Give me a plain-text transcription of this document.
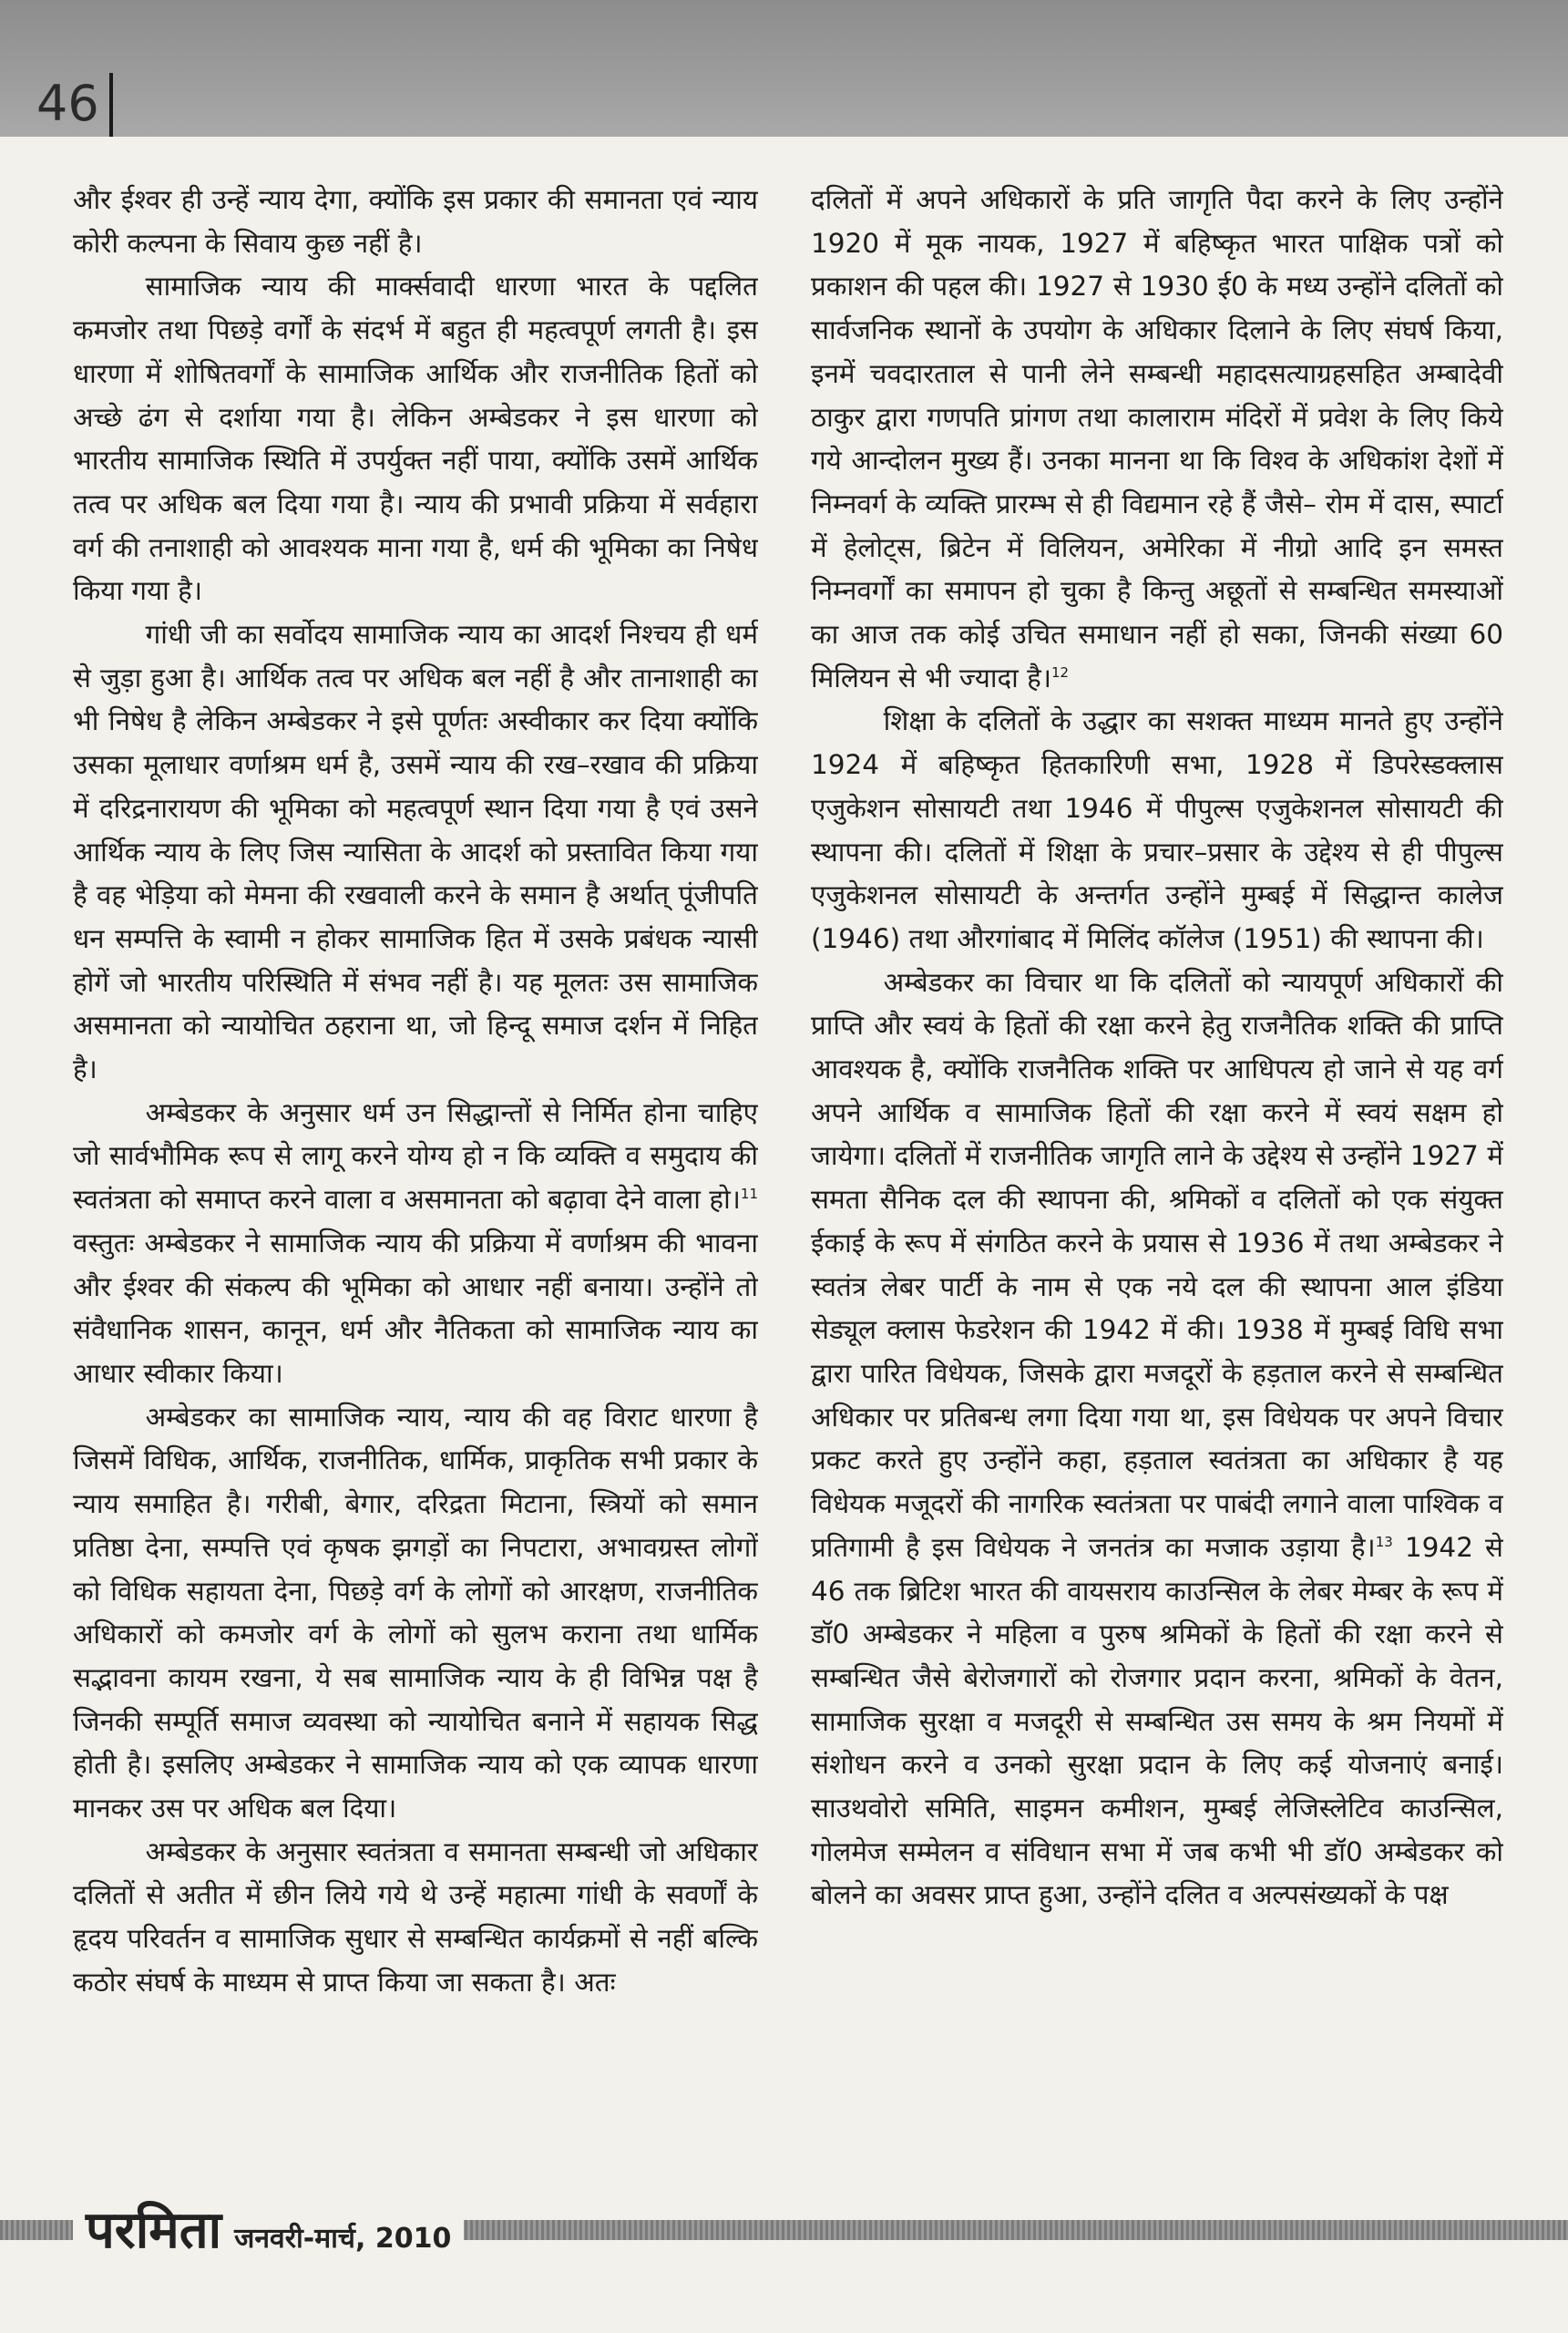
46

और ईश्वर ही उन्हें न्याय देगा, क्योंकि इस प्रकार की समानता एवं न्याय कोरी कल्पना के सिवाय कुछ नहीं है।

सामाजिक न्याय की मार्क्सवादी धारणा भारत के पद्दलित कमजोर तथा पिछड़े वर्गों के संदर्भ में बहुत ही महत्वपूर्ण लगती है। इस धारणा में शोषितवर्गों के सामाजिक आर्थिक और राजनीतिक हितों को अच्छे ढंग से दर्शाया गया है। लेकिन अम्बेडकर ने इस धारणा को भारतीय सामाजिक स्थिति में उपर्युक्त नहीं पाया, क्योंकि उसमें आर्थिक तत्व पर अधिक बल दिया गया है। न्याय की प्रभावी प्रक्रिया में सर्वहारा वर्ग की तनाशाही को आवश्यक माना गया है, धर्म की भूमिका का निषेध किया गया है।

गांधी जी का सर्वोदय सामाजिक न्याय का आदर्श निश्चय ही धर्म से जुड़ा हुआ है। आर्थिक तत्व पर अधिक बल नहीं है और तानाशाही का भी निषेध है लेकिन अम्बेडकर ने इसे पूर्णतः अस्वीकार कर दिया क्योंकि उसका मूलाधार वर्णाश्रम धर्म है, उसमें न्याय की रख–रखाव की प्रक्रिया में दरिद्रनारायण की भूमिका को महत्वपूर्ण स्थान दिया गया है एवं उसने आर्थिक न्याय के लिए जिस न्यासिता के आदर्श को प्रस्तावित किया गया है वह भेड़िया को मेमना की रखवाली करने के समान है अर्थात् पूंजीपति धन सम्पत्ति के स्वामी न होकर सामाजिक हित में उसके प्रबंधक न्यासी होगें जो भारतीय परिस्थिति में संभव नहीं है। यह मूलतः उस सामाजिक असमानता को न्यायोचित ठहराना था, जो हिन्दू समाज दर्शन में निहित है।

अम्बेडकर के अनुसार धर्म उन सिद्धान्तों से निर्मित होना चाहिए जो सार्वभौमिक रूप से लागू करने योग्य हो न कि व्यक्ति व समुदाय की स्वतंत्रता को समाप्त करने वाला व असमानता को बढ़ावा देने वाला हो।$^{11}$ वस्तुतः अम्बेडकर ने सामाजिक न्याय की प्रक्रिया में वर्णाश्रम की भावना और ईश्वर की संकल्प की भूमिका को आधार नहीं बनाया। उन्होंने तो संवैधानिक शासन, कानून, धर्म और नैतिकता को सामाजिक न्याय का आधार स्वीकार किया।

अम्बेडकर का सामाजिक न्याय, न्याय की वह विराट धारणा है जिसमें विधिक, आर्थिक, राजनीतिक, धार्मिक, प्राकृतिक सभी प्रकार के न्याय समाहित है। गरीबी, बेगार, दरिद्रता मिटाना, स्त्रियों को समान प्रतिष्ठा देना, सम्पत्ति एवं कृषक झगड़ों का निपटारा, अभावग्रस्त लोगों को विधिक सहायता देना, पिछड़े वर्ग के लोगों को आरक्षण, राजनीतिक अधिकारों को कमजोर वर्ग के लोगों को सुलभ कराना तथा धार्मिक सद्भावना कायम रखना, ये सब सामाजिक न्याय के ही विभिन्न पक्ष है जिनकी सम्पूर्ति समाज व्यवस्था को न्यायोचित बनाने में सहायक सिद्ध होती है। इसलिए अम्बेडकर ने सामाजिक न्याय को एक व्यापक धारणा मानकर उस पर अधिक बल दिया।

अम्बेडकर के अनुसार स्वतंत्रता व समानता सम्बन्धी जो अधिकार दलितों से अतीत में छीन लिये गये थे उन्हें महात्मा गांधी के सवर्णों के हृदय परिवर्तन व सामाजिक सुधार से सम्बन्धित कार्यक्रमों से नहीं बल्कि कठोर संघर्ष के माध्यम से प्राप्त किया जा सकता है। अतः

दलितों में अपने अधिकारों के प्रति जागृति पैदा करने के लिए उन्होंने 1920 में मूक नायक, 1927 में बहिष्कृत भारत पाक्षिक पत्रों को प्रकाशन की पहल की। 1927 से 1930 ई0 के मध्य उन्होंने दलितों को सार्वजनिक स्थानों के उपयोग के अधिकार दिलाने के लिए संघर्ष किया, इनमें चवदारताल से पानी लेने सम्बन्धी महादसत्याग्रहसहित अम्बादेवी ठाकुर द्वारा गणपति प्रांगण तथा कालाराम मंदिरों में प्रवेश के लिए किये गये आन्दोलन मुख्य हैं। उनका मानना था कि विश्व के अधिकांश देशों में निम्नवर्ग के व्यक्ति प्रारम्भ से ही विद्यमान रहे हैं जैसे– रोम में दास, स्पार्टा में हेलोट्स, ब्रिटेन में विलियन, अमेरिका में नीग्रो आदि इन समस्त निम्नवर्गों का समापन हो चुका है किन्तु अछूतों से सम्बन्धित समस्याओं का आज तक कोई उचित समाधान नहीं हो सका, जिनकी संख्या 60 मिलियन से भी ज्यादा है।$^{12}$

शिक्षा के दलितों के उद्धार का सशक्त माध्यम मानते हुए उन्होंने 1924 में बहिष्कृत हितकारिणी सभा, 1928 में डिपरेस्डक्लास एजुकेशन सोसायटी तथा 1946 में पीपुल्स एजुकेशनल सोसायटी की स्थापना की। दलितों में शिक्षा के प्रचार–प्रसार के उद्देश्य से ही पीपुल्स एजुकेशनल सोसायटी के अन्तर्गत उन्होंने मुम्बई में सिद्धान्त कालेज (1946) तथा औरगांबाद में मिलिंद कॉलेज (1951) की स्थापना की।

अम्बेडकर का विचार था कि दलितों को न्यायपूर्ण अधिकारों की प्राप्ति और स्वयं के हितों की रक्षा करने हेतु राजनैतिक शक्ति की प्राप्ति आवश्यक है, क्योंकि राजनैतिक शक्ति पर आधिपत्य हो जाने से यह वर्ग अपने आर्थिक व सामाजिक हितों की रक्षा करने में स्वयं सक्षम हो जायेगा। दलितों में राजनीतिक जागृति लाने के उद्देश्य से उन्होंने 1927 में समता सैनिक दल की स्थापना की, श्रमिकों व दलितों को एक संयुक्त ईकाई के रूप में संगठित करने के प्रयास से 1936 में तथा अम्बेडकर ने स्वतंत्र लेबर पार्टी के नाम से एक नये दल की स्थापना आल इंडिया सेड्यूल क्लास फेडरेशन की 1942 में की। 1938 में मुम्बई विधि सभा द्वारा पारित विधेयक, जिसके द्वारा मजदूरों के हड़ताल करने से सम्बन्धित अधिकार पर प्रतिबन्ध लगा दिया गया था, इस विधेयक पर अपने विचार प्रकट करते हुए उन्होंने कहा, हड़ताल स्वतंत्रता का अधिकार है यह विधेयक मजूदरों की नागरिक स्वतंत्रता पर पाबंदी लगाने वाला पाश्विक व प्रतिगामी है इस विधेयक ने जनतंत्र का मजाक उड़ाया है।$^{13}$ 1942 से 46 तक ब्रिटिश भारत की वायसराय काउन्सिल के लेबर मेम्बर के रूप में डॉ0 अम्बेडकर ने महिला व पुरुष श्रमिकों के हितों की रक्षा करने से सम्बन्धित जैसे बेरोजगारों को रोजगार प्रदान करना, श्रमिकों के वेतन, सामाजिक सुरक्षा व मजदूरी से सम्बन्धित उस समय के श्रम नियमों में संशोधन करने व उनको सुरक्षा प्रदान के लिए कई योजनाएं बनाई। साउथवोरो समिति, साइमन कमीशन, मुम्बई लेजिस्लेटिव काउन्सिल, गोलमेज सम्मेलन व संविधान सभा में जब कभी भी डॉ0 अम्बेडकर को बोलने का अवसर प्राप्त हुआ, उन्होंने दलित व अल्पसंख्यकों के पक्ष

परमिता जनवरी-मार्च, 2010
